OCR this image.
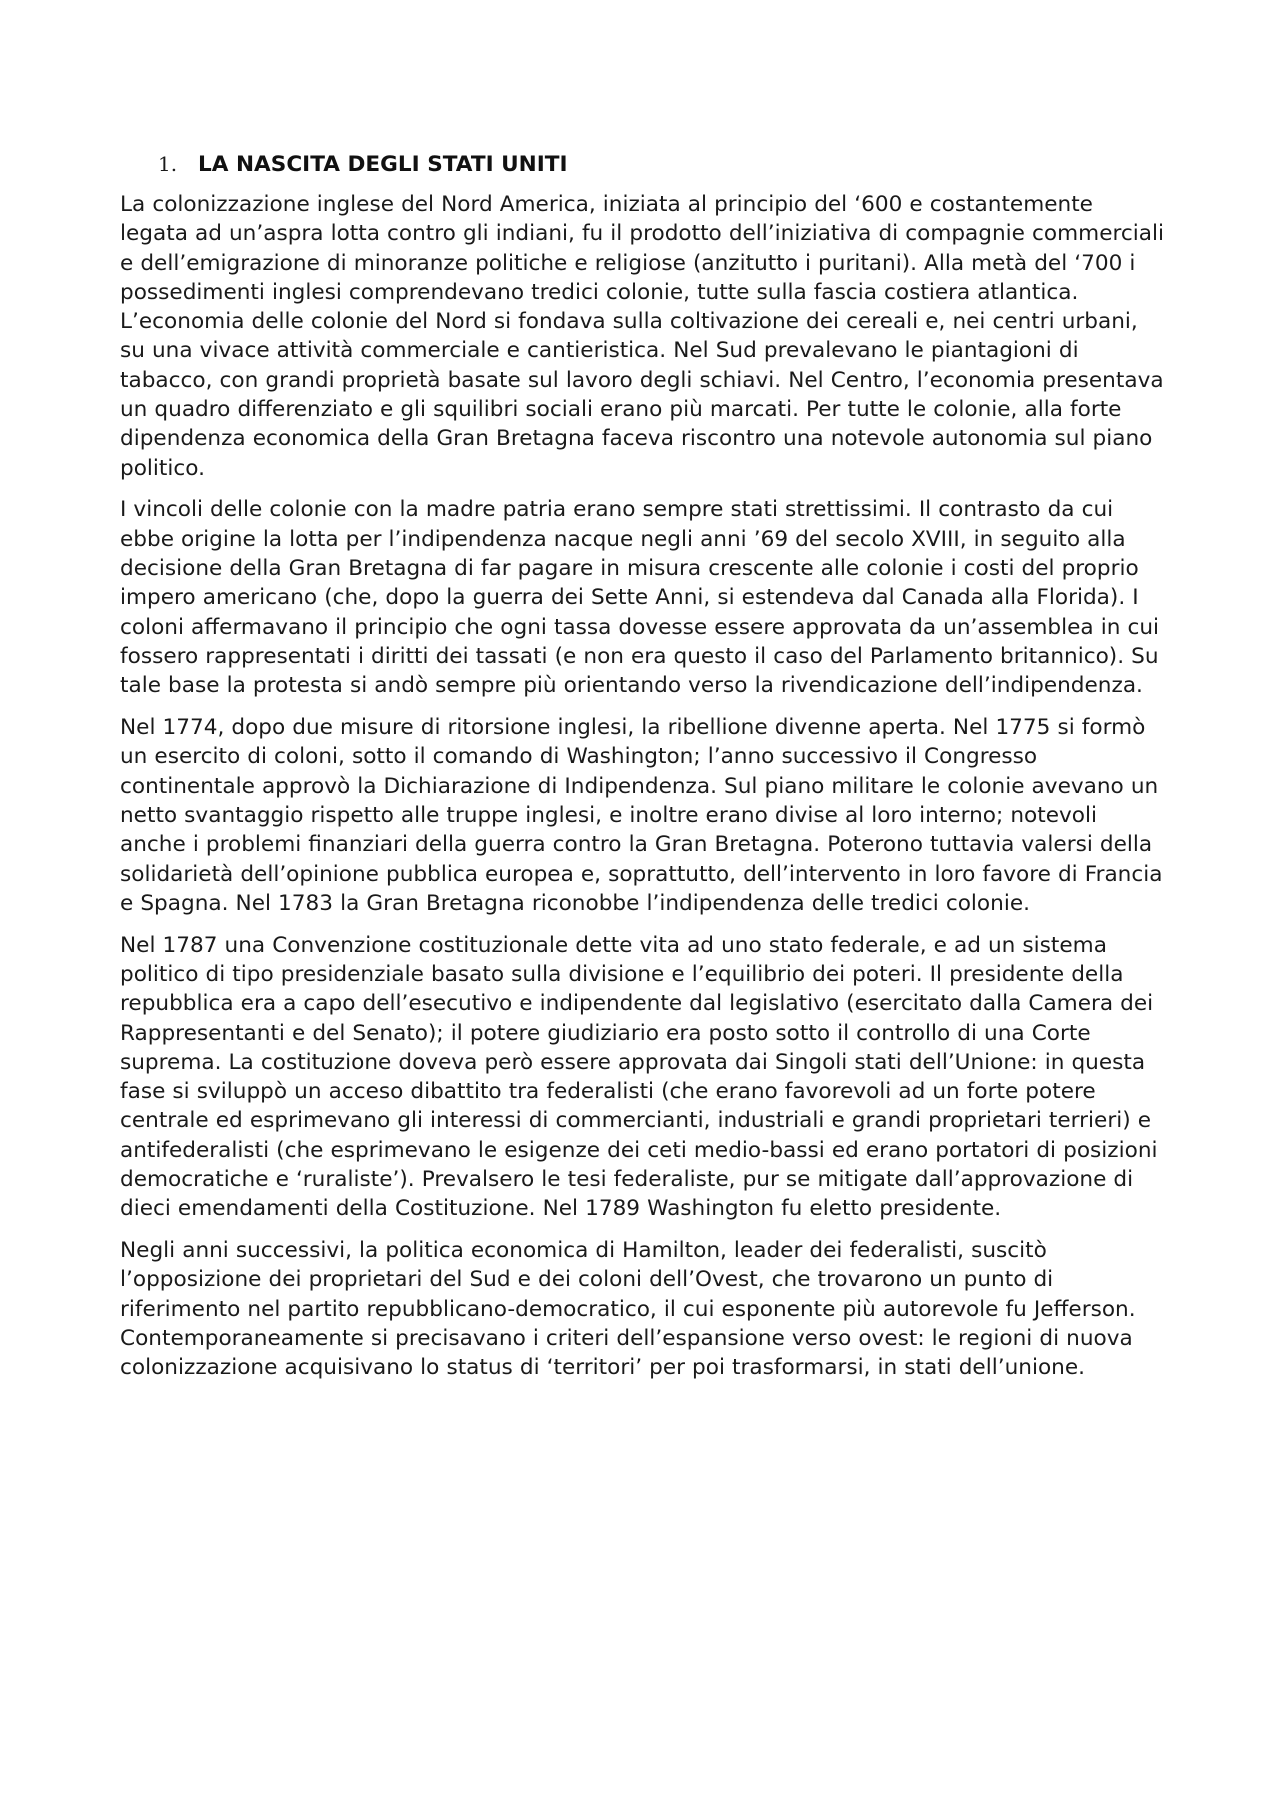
1. LA NASCITA DEGLI STATI UNITI

La colonizzazione inglese del Nord America, iniziata al principio del ‘600 e costantemente legata ad un’aspra lotta contro gli indiani, fu il prodotto dell’iniziativa di compagnie commerciali e dell’emigrazione di minoranze politiche e religiose (anzitutto i puritani). Alla metà del ‘700 i possedimenti inglesi comprendevano tredici colonie, tutte sulla fascia costiera atlantica. L’economia delle colonie del Nord si fondava sulla coltivazione dei cereali e, nei centri urbani, su una vivace attività commerciale e cantieristica. Nel Sud prevalevano le piantagioni di tabacco, con grandi proprietà basate sul lavoro degli schiavi. Nel Centro, l’economia presentava un quadro differenziato e gli squilibri sociali erano più marcati. Per tutte le colonie, alla forte dipendenza economica della Gran Bretagna faceva riscontro una notevole autonomia sul piano politico.

I vincoli delle colonie con la madre patria erano sempre stati strettissimi. Il contrasto da cui ebbe origine la lotta per l’indipendenza nacque negli anni ’69 del secolo XVIII, in seguito alla decisione della Gran Bretagna di far pagare in misura crescente alle colonie i costi del proprio impero americano (che, dopo la guerra dei Sette Anni, si estendeva dal Canada alla Florida). I coloni affermavano il principio che ogni tassa dovesse essere approvata da un’assemblea in cui fossero rappresentati i diritti dei tassati (e non era questo il caso del Parlamento britannico). Su tale base la protesta si andò sempre più orientando verso la rivendicazione dell’indipendenza.

Nel 1774, dopo due misure di ritorsione inglesi, la ribellione divenne aperta. Nel 1775 si formò un esercito di coloni, sotto il comando di Washington; l’anno successivo il Congresso continentale approvò la Dichiarazione di Indipendenza. Sul piano militare le colonie avevano un netto svantaggio rispetto alle truppe inglesi, e inoltre erano divise al loro interno; notevoli anche i problemi finanziari della guerra contro la Gran Bretagna. Poterono tuttavia valersi della solidarietà dell’opinione pubblica europea e, soprattutto, dell’intervento in loro favore di Francia e Spagna. Nel 1783 la Gran Bretagna riconobbe l’indipendenza delle tredici colonie.

Nel 1787 una Convenzione costituzionale dette vita ad uno stato federale, e ad un sistema politico di tipo presidenziale basato sulla divisione e l’equilibrio dei poteri. Il presidente della repubblica era a capo dell’esecutivo e indipendente dal legislativo (esercitato dalla Camera dei Rappresentanti e del Senato); il potere giudiziario era posto sotto il controllo di una Corte suprema. La costituzione doveva però essere approvata dai Singoli stati dell’Unione: in questa fase si sviluppò un acceso dibattito tra federalisti (che erano favorevoli ad un forte potere centrale ed esprimevano gli interessi di commercianti, industriali e grandi proprietari terrieri) e antifederalisti (che esprimevano le esigenze dei ceti medio-bassi ed erano portatori di posizioni democratiche e ‘ruraliste’). Prevalsero le tesi federaliste, pur se mitigate dall’approvazione di dieci emendamenti della Costituzione. Nel 1789 Washington fu eletto presidente.

Negli anni successivi, la politica economica di Hamilton, leader dei federalisti, suscitò l’opposizione dei proprietari del Sud e dei coloni dell’Ovest, che trovarono un punto di riferimento nel partito repubblicano-democratico, il cui esponente più autorevole fu Jefferson. Contemporaneamente si precisavano i criteri dell’espansione verso ovest: le regioni di nuova colonizzazione acquisivano lo status di ‘territori’ per poi trasformarsi, in stati dell’unione.
